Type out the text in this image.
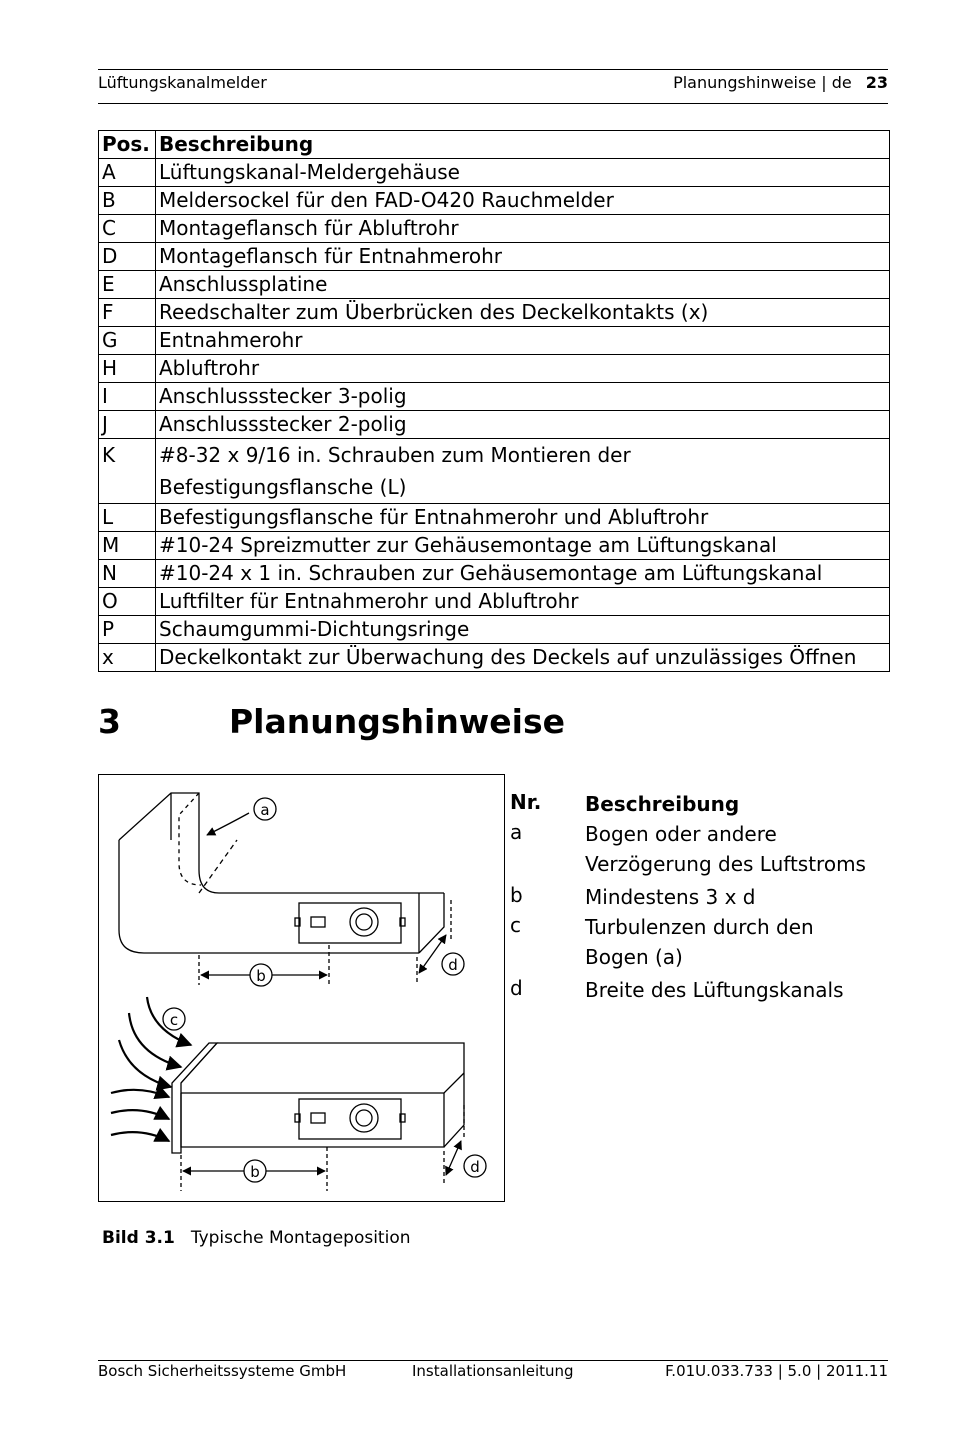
Lüftungskanalmelder	Planungshinweise | de 23
Pos.	Beschreibung
A	Lüftungskanal-Meldergehäuse
B	Meldersockel für den FAD-O420 Rauchmelder
C	Montageflansch für Abluftrohr
D	Montageflansch für Entnahmerohr
E	Anschlussplatine
F	Reedschalter zum Überbrücken des Deckelkontakts (x)
G	Entnahmerohr
H	Abluftrohr
I	Anschlussstecker 3-polig
J	Anschlussstecker 2-polig
K	#8-32 x 9/16 in. Schrauben zum Montieren der
Befestigungsflansche (L)

L	Befestigungsflansche für Entnahmerohr und Abluftrohr
M	#10-24 Spreizmutter zur Gehäusemontage am Lüftungskanal
N	#10-24 x 1 in. Schrauben zur Gehäusemontage am Lüftungskanal
O	Luftfilter für Entnahmerohr und Abluftrohr
P	Schaumgummi-Dichtungsringe
x	Deckelkontakt zur Überwachung des Deckels auf unzulässiges Öffnen
3	Planungshinweise
a
b
d
c
b	d
Nr. Beschreibung
a	Bogen oder andere
Verzögerung des Luftstroms
b	Mindestens 3 x d
c	Turbulenzen durch den
Bogen (a)
d	Breite des Lüftungskanals
Bild 3.1 Typische Montageposition
Bosch Sicherheitssysteme GmbH	Installationsanleitung	F.01U.033.733 | 5.0 | 2011.11
